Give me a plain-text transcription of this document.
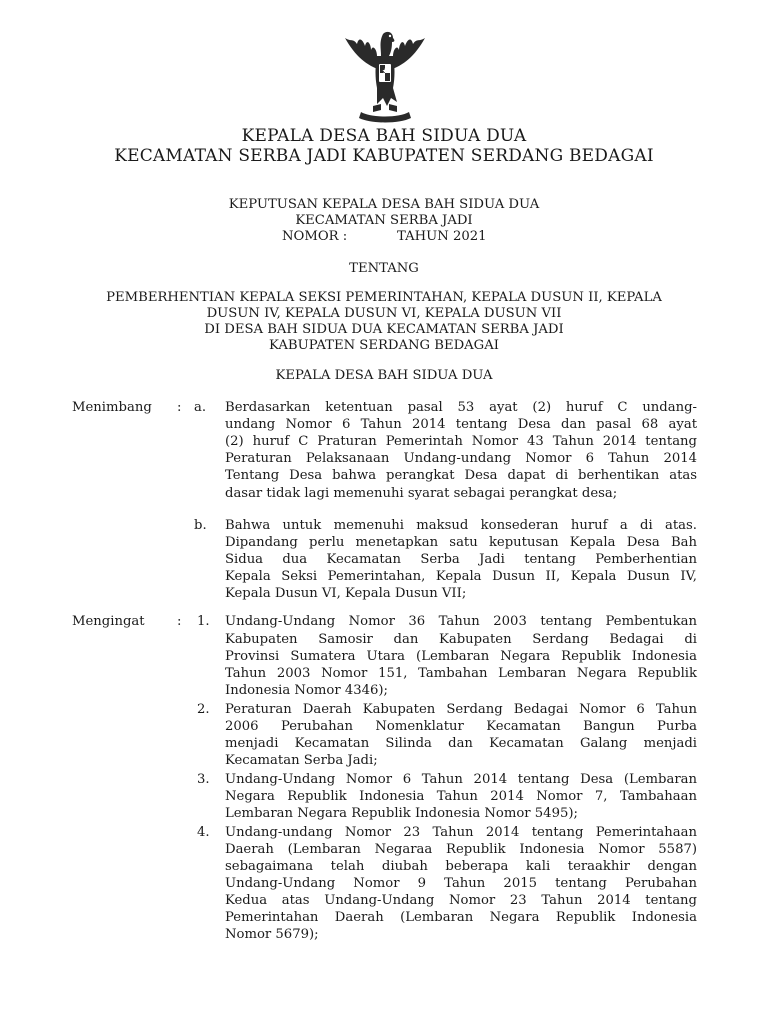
KEPALA DESA BAH SIDUA DUA
KECAMATAN SERBA JADI KABUPATEN SERDANG BEDAGAI
KEPUTUSAN KEPALA DESA BAH SIDUA DUA
KECAMATAN SERBA JADI
NOMOR :	TAHUN 2021
TENTANG
PEMBERHENTIAN KEPALA SEKSI PEMERINTAHAN, KEPALA DUSUN II, KEPALA
DUSUN IV, KEPALA DUSUN VI, KEPALA DUSUN VII
DI DESA BAH SIDUA DUA KECAMATAN SERBA JADI
KABUPATEN SERDANG BEDAGAI
KEPALA DESA BAH SIDUA DUA
Menimbang : a. Berdasarkan ketentuan pasal 53 ayat (2) huruf C undang-
undang Nomor 6 Tahun 2014 tentang Desa dan pasal 68 ayat
(2) huruf C Praturan Pemerintah Nomor 43 Tahun 2014 tentang
Peraturan Pelaksanaan Undang-undang Nomor 6 Tahun 2014
Tentang Desa bahwa perangkat Desa dapat di berhentikan atas
dasar tidak lagi memenuhi syarat sebagai perangkat desa;
b. Bahwa untuk memenuhi maksud konsederan huruf a di atas.
Dipandang perlu menetapkan satu keputusan Kepala Desa Bah
Sidua dua Kecamatan Serba Jadi tentang Pemberhentian
Kepala Seksi Pemerintahan, Kepala Dusun II, Kepala Dusun IV,
Kepala Dusun VI, Kepala Dusun VII;
Mengingat : 1. Undang-Undang Nomor 36 Tahun 2003 tentang Pembentukan
Kabupaten Samosir dan Kabupaten Serdang Bedagai di
Provinsi Sumatera Utara (Lembaran Negara Republik Indonesia
Tahun 2003 Nomor 151, Tambahan Lembaran Negara Republik
Indonesia Nomor 4346);
2. Peraturan Daerah Kabupaten Serdang Bedagai Nomor 6 Tahun
2006 Perubahan Nomenklatur Kecamatan Bangun Purba
menjadi Kecamatan Silinda dan Kecamatan Galang menjadi
Kecamatan Serba Jadi;
3. Undang-Undang Nomor 6 Tahun 2014 tentang Desa (Lembaran
Negara Republik Indonesia Tahun 2014 Nomor 7, Tambahaan
Lembaran Negara Republik Indonesia Nomor 5495);
4. Undang-undang Nomor 23 Tahun 2014 tentang Pemerintahaan
Daerah (Lembaran Negaraa Republik Indonesia Nomor 5587)
sebagaimana telah diubah beberapa kali teraakhir dengan
Undang-Undang Nomor 9 Tahun 2015 tentang Perubahan
Kedua atas Undang-Undang Nomor 23 Tahun 2014 tentang
Pemerintahan Daerah (Lembaran Negara Republik Indonesia
Nomor 5679);
